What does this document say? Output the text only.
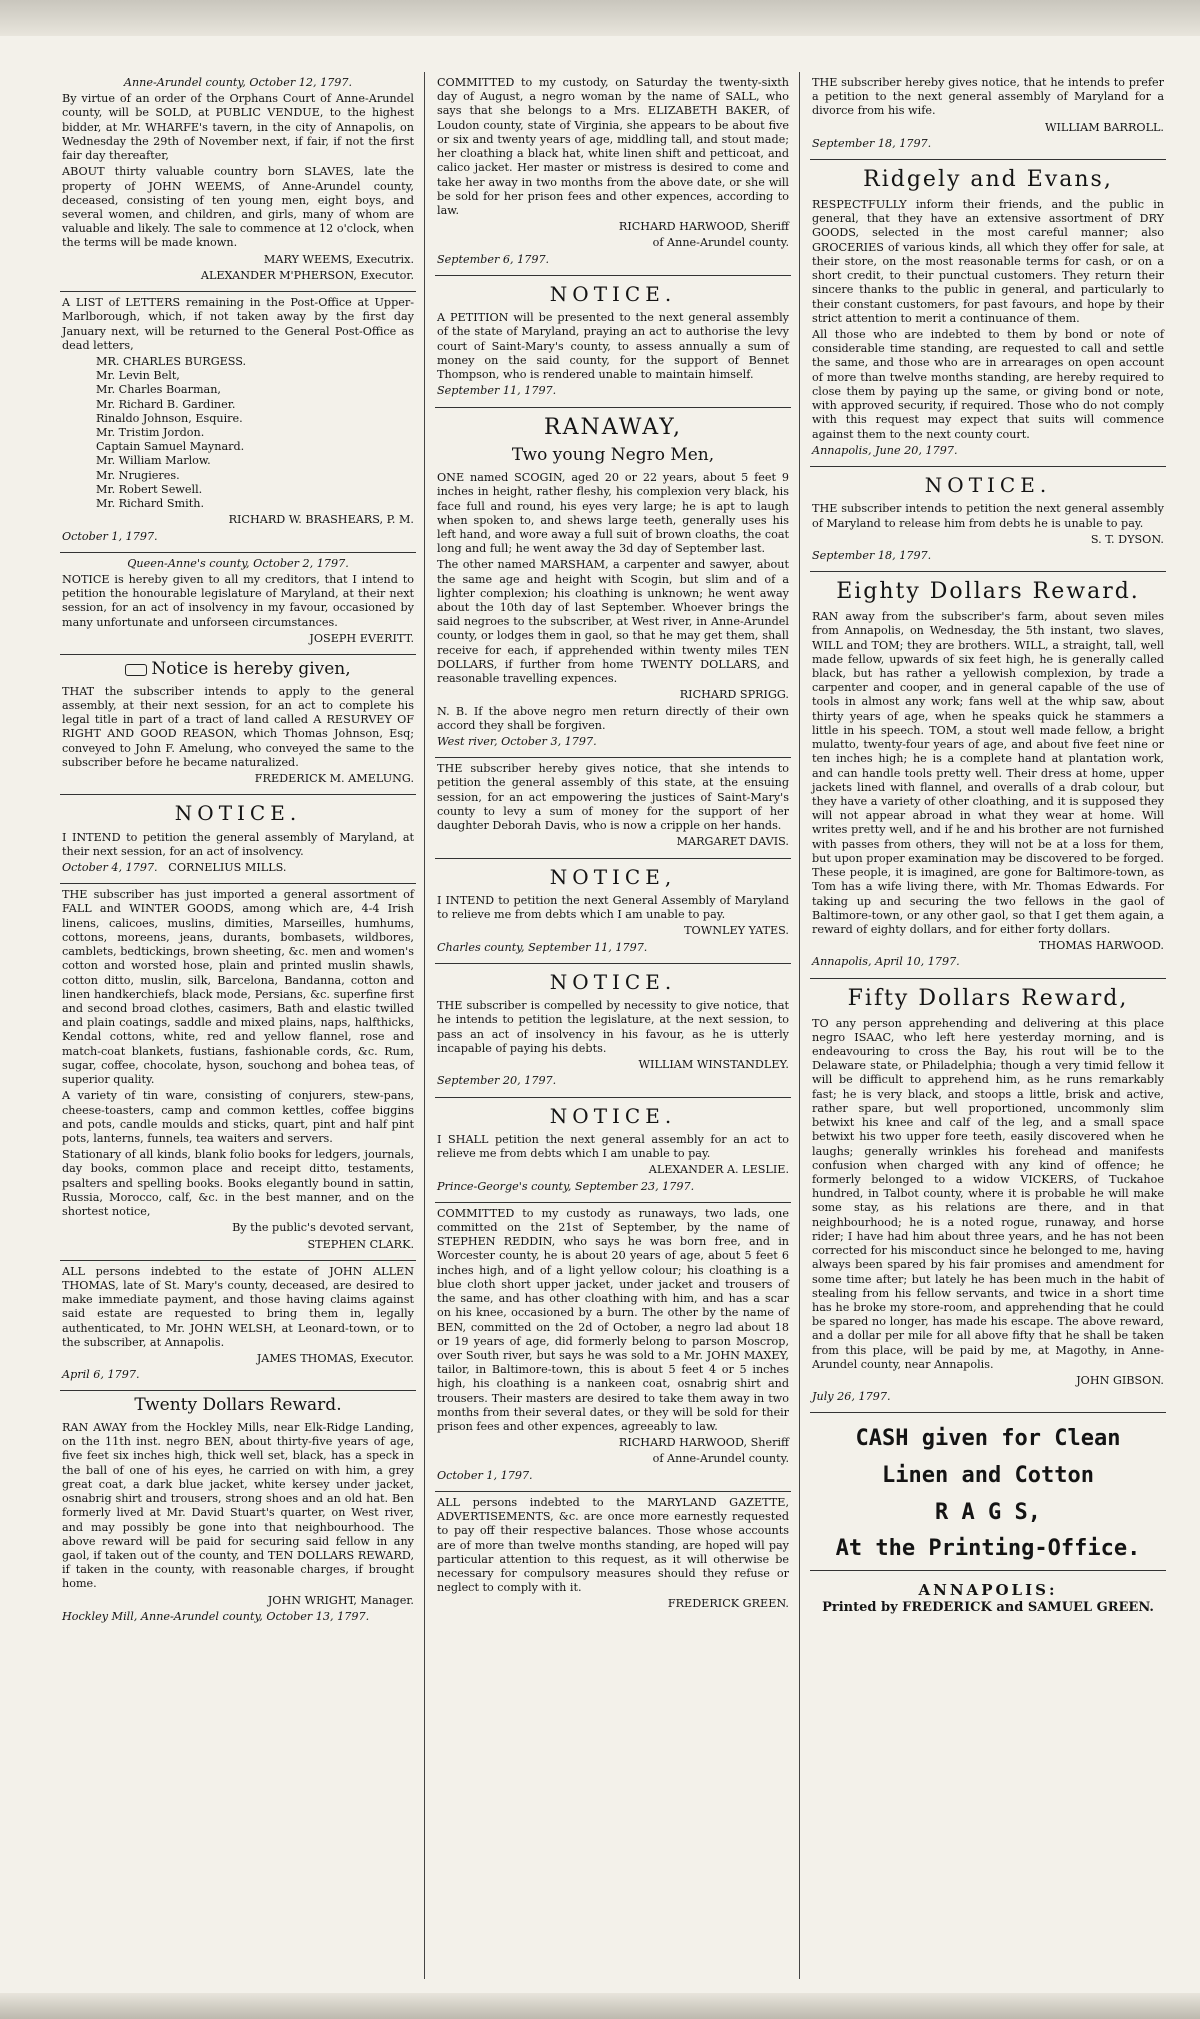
Anne-Arundel county, October 12, 1797.

By virtue of an order of the Orphans Court of Anne-Arundel county, will be SOLD, at PUBLIC VENDUE, to the highest bidder, at Mr. WHARFE's tavern, in the city of Annapolis, on Wednesday the 29th of November next, if fair, if not the first fair day thereafter,

ABOUT thirty valuable country born SLAVES, late the property of JOHN WEEMS, of Anne-Arundel county, deceased, consisting of ten young men, eight boys, and several women, and children, and girls, many of whom are valuable and likely. The sale to commence at 12 o'clock, when the terms will be made known.

MARY WEEMS, Executrix.

ALEXANDER M'PHERSON, Executor.

A LIST of LETTERS remaining in the Post-Office at Upper-Marlborough, which, if not taken away by the first day January next, will be returned to the General Post-Office as dead letters,

MR. CHARLES BURGESS.

Mr. Levin Belt,

Mr. Charles Boarman,

Mr. Richard B. Gardiner.

Rinaldo Johnson, Esquire.

Mr. Tristim Jordon.

Captain Samuel Maynard.

Mr. William Marlow.

Mr. Nrugieres.

Mr. Robert Sewell.

Mr. Richard Smith.

RICHARD W. BRASHEARS, P. M.

October 1, 1797.

Queen-Anne's county, October 2, 1797.

NOTICE is hereby given to all my creditors, that I intend to petition the honourable legislature of Maryland, at their next session, for an act of insolvency in my favour, occasioned by many unfortunate and unforseen circumstances.

JOSEPH EVERITT.

Notice is hereby given,

THAT the subscriber intends to apply to the general assembly, at their next session, for an act to complete his legal title in part of a tract of land called A RESURVEY OF RIGHT AND GOOD REASON, which Thomas Johnson, Esq; conveyed to John F. Amelung, who conveyed the same to the subscriber before he became naturalized.

FREDERICK M. AMELUNG.

NOTICE.

I INTEND to petition the general assembly of Maryland, at their next session, for an act of insolvency.

October 4, 1797. CORNELIUS MILLS.

THE subscriber has just imported a general assortment of FALL and WINTER GOODS, among which are, 4-4 Irish linens, calicoes, muslins, dimities, Marseilles, humhums, cottons, moreens, jeans, durants, bombasets, wildbores, camblets, bedtickings, brown sheeting, &c. men and women's cotton and worsted hose, plain and printed muslin shawls, cotton ditto, muslin, silk, Barcelona, Bandanna, cotton and linen handkerchiefs, black mode, Persians, &c. superfine first and second broad clothes, casimers, Bath and elastic twilled and plain coatings, saddle and mixed plains, naps, halfthicks, Kendal cottons, white, red and yellow flannel, rose and match-coat blankets, fustians, fashionable cords, &c. Rum, sugar, coffee, chocolate, hyson, souchong and bohea teas, of superior quality.

A variety of tin ware, consisting of conjurers, stew-pans, cheese-toasters, camp and common kettles, coffee biggins and pots, candle moulds and sticks, quart, pint and half pint pots, lanterns, funnels, tea waiters and servers.

Stationary of all kinds, blank folio books for ledgers, journals, day books, common place and receipt ditto, testaments, psalters and spelling books. Books elegantly bound in sattin, Russia, Morocco, calf, &c. in the best manner, and on the shortest notice,

By the public's devoted servant,

STEPHEN CLARK.

ALL persons indebted to the estate of JOHN ALLEN THOMAS, late of St. Mary's county, deceased, are desired to make immediate payment, and those having claims against said estate are requested to bring them in, legally authenticated, to Mr. JOHN WELSH, at Leonard-town, or to the subscriber, at Annapolis.

JAMES THOMAS, Executor.

April 6, 1797.

Twenty Dollars Reward.

RAN AWAY from the Hockley Mills, near Elk-Ridge Landing, on the 11th inst. negro BEN, about thirty-five years of age, five feet six inches high, thick well set, black, has a speck in the ball of one of his eyes, he carried on with him, a grey great coat, a dark blue jacket, white kersey under jacket, osnabrig shirt and trousers, strong shoes and an old hat. Ben formerly lived at Mr. David Stuart's quarter, on West river, and may possibly be gone into that neighbourhood. The above reward will be paid for securing said fellow in any gaol, if taken out of the county, and TEN DOLLARS REWARD, if taken in the county, with reasonable charges, if brought home.

JOHN WRIGHT, Manager.

Hockley Mill, Anne-Arundel county, October 13, 1797.

COMMITTED to my custody, on Saturday the twenty-sixth day of August, a negro woman by the name of SALL, who says that she belongs to a Mrs. ELIZABETH BAKER, of Loudon county, state of Virginia, she appears to be about five or six and twenty years of age, middling tall, and stout made; her cloathing a black hat, white linen shift and petticoat, and calico jacket. Her master or mistress is desired to come and take her away in two months from the above date, or she will be sold for her prison fees and other expences, according to law.

RICHARD HARWOOD, Sheriff

of Anne-Arundel county.

September 6, 1797.

NOTICE.

A PETITION will be presented to the next general assembly of the state of Maryland, praying an act to authorise the levy court of Saint-Mary's county, to assess annually a sum of money on the said county, for the support of Bennet Thompson, who is rendered unable to maintain himself.

September 11, 1797.

RANAWAY,
Two young Negro Men,

ONE named SCOGIN, aged 20 or 22 years, about 5 feet 9 inches in height, rather fleshy, his complexion very black, his face full and round, his eyes very large; he is apt to laugh when spoken to, and shews large teeth, generally uses his left hand, and wore away a full suit of brown cloaths, the coat long and full; he went away the 3d day of September last.

The other named MARSHAM, a carpenter and sawyer, about the same age and height with Scogin, but slim and of a lighter complexion; his cloathing is unknown; he went away about the 10th day of last September. Whoever brings the said negroes to the subscriber, at West river, in Anne-Arundel county, or lodges them in gaol, so that he may get them, shall receive for each, if apprehended within twenty miles TEN DOLLARS, if further from home TWENTY DOLLARS, and reasonable travelling expences.

RICHARD SPRIGG.

N. B. If the above negro men return directly of their own accord they shall be forgiven.

West river, October 3, 1797.

THE subscriber hereby gives notice, that she intends to petition the general assembly of this state, at the ensuing session, for an act empowering the justices of Saint-Mary's county to levy a sum of money for the support of her daughter Deborah Davis, who is now a cripple on her hands.

MARGARET DAVIS.

NOTICE,

I INTEND to petition the next General Assembly of Maryland to relieve me from debts which I am unable to pay.

TOWNLEY YATES.

Charles county, September 11, 1797.

NOTICE.

THE subscriber is compelled by necessity to give notice, that he intends to petition the legislature, at the next session, to pass an act of insolvency in his favour, as he is utterly incapable of paying his debts.

WILLIAM WINSTANDLEY.

September 20, 1797.

NOTICE.

I SHALL petition the next general assembly for an act to relieve me from debts which I am unable to pay.

ALEXANDER A. LESLIE.

Prince-George's county, September 23, 1797.

COMMITTED to my custody as runaways, two lads, one committed on the 21st of September, by the name of STEPHEN REDDIN, who says he was born free, and in Worcester county, he is about 20 years of age, about 5 feet 6 inches high, and of a light yellow colour; his cloathing is a blue cloth short upper jacket, under jacket and trousers of the same, and has other cloathing with him, and has a scar on his knee, occasioned by a burn. The other by the name of BEN, committed on the 2d of October, a negro lad about 18 or 19 years of age, did formerly belong to parson Moscrop, over South river, but says he was sold to a Mr. JOHN MAXEY, tailor, in Baltimore-town, this is about 5 feet 4 or 5 inches high, his cloathing is a nankeen coat, osnabrig shirt and trousers. Their masters are desired to take them away in two months from their several dates, or they will be sold for their prison fees and other expences, agreeably to law.

RICHARD HARWOOD, Sheriff

of Anne-Arundel county.

October 1, 1797.

ALL persons indebted to the MARYLAND GAZETTE, ADVERTISEMENTS, &c. are once more earnestly requested to pay off their respective balances. Those whose accounts are of more than twelve months standing, are hoped will pay particular attention to this request, as it will otherwise be necessary for compulsory measures should they refuse or neglect to comply with it.

FREDERICK GREEN.

THE subscriber hereby gives notice, that he intends to prefer a petition to the next general assembly of Maryland for a divorce from his wife.

WILLIAM BARROLL.

September 18, 1797.

Ridgely and Evans,

RESPECTFULLY inform their friends, and the public in general, that they have an extensive assortment of DRY GOODS, selected in the most careful manner; also GROCERIES of various kinds, all which they offer for sale, at their store, on the most reasonable terms for cash, or on a short credit, to their punctual customers. They return their sincere thanks to the public in general, and particularly to their constant customers, for past favours, and hope by their strict attention to merit a continuance of them.

All those who are indebted to them by bond or note of considerable time standing, are requested to call and settle the same, and those who are in arrearages on open account of more than twelve months standing, are hereby required to close them by paying up the same, or giving bond or note, with approved security, if required. Those who do not comply with this request may expect that suits will commence against them to the next county court.

Annapolis, June 20, 1797.

NOTICE.

THE subscriber intends to petition the next general assembly of Maryland to release him from debts he is unable to pay.

S. T. DYSON.

September 18, 1797.

Eighty Dollars Reward.

RAN away from the subscriber's farm, about seven miles from Annapolis, on Wednesday, the 5th instant, two slaves, WILL and TOM; they are brothers. WILL, a straight, tall, well made fellow, upwards of six feet high, he is generally called black, but has rather a yellowish complexion, by trade a carpenter and cooper, and in general capable of the use of tools in almost any work; fans well at the whip saw, about thirty years of age, when he speaks quick he stammers a little in his speech. TOM, a stout well made fellow, a bright mulatto, twenty-four years of age, and about five feet nine or ten inches high; he is a complete hand at plantation work, and can handle tools pretty well. Their dress at home, upper jackets lined with flannel, and overalls of a drab colour, but they have a variety of other cloathing, and it is supposed they will not appear abroad in what they wear at home. Will writes pretty well, and if he and his brother are not furnished with passes from others, they will not be at a loss for them, but upon proper examination may be discovered to be forged. These people, it is imagined, are gone for Baltimore-town, as Tom has a wife living there, with Mr. Thomas Edwards. For taking up and securing the two fellows in the gaol of Baltimore-town, or any other gaol, so that I get them again, a reward of eighty dollars, and for either forty dollars.

THOMAS HARWOOD.

Annapolis, April 10, 1797.

Fifty Dollars Reward,

TO any person apprehending and delivering at this place negro ISAAC, who left here yesterday morning, and is endeavouring to cross the Bay, his rout will be to the Delaware state, or Philadelphia; though a very timid fellow it will be difficult to apprehend him, as he runs remarkably fast; he is very black, and stoops a little, brisk and active, rather spare, but well proportioned, uncommonly slim betwixt his knee and calf of the leg, and a small space betwixt his two upper fore teeth, easily discovered when he laughs; generally wrinkles his forehead and manifests confusion when charged with any kind of offence; he formerly belonged to a widow VICKERS, of Tuckahoe hundred, in Talbot county, where it is probable he will make some stay, as his relations are there, and in that neighbourhood; he is a noted rogue, runaway, and horse rider; I have had him about three years, and he has not been corrected for his misconduct since he belonged to me, having always been spared by his fair promises and amendment for some time after; but lately he has been much in the habit of stealing from his fellow servants, and twice in a short time has he broke my store-room, and apprehending that he could be spared no longer, has made his escape. The above reward, and a dollar per mile for all above fifty that he shall be taken from this place, will be paid by me, at Magothy, in Anne-Arundel county, near Annapolis.

JOHN GIBSON.

July 26, 1797.

CASH given for Clean
Linen and Cotton
R A G S,
At the Printing-Office.
ANNAPOLIS:
Printed by FREDERICK and SAMUEL GREEN.
